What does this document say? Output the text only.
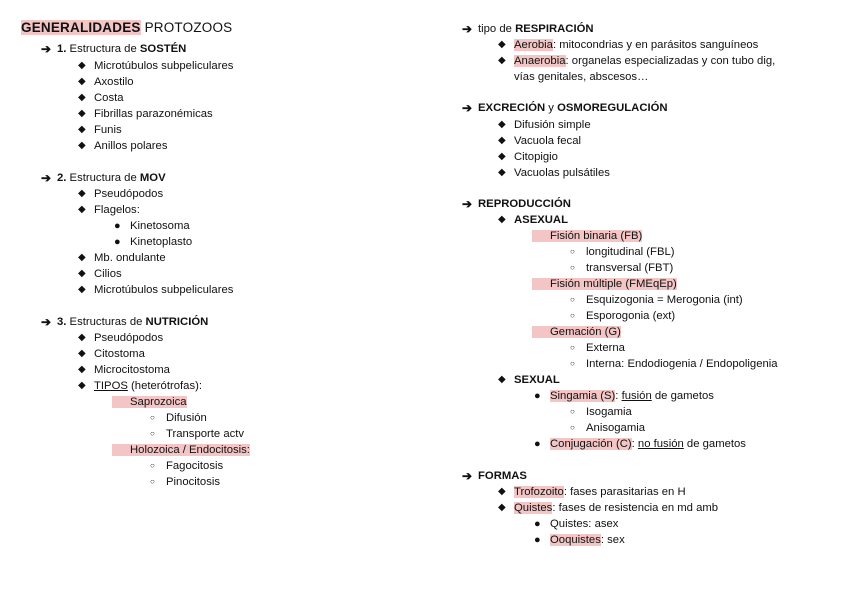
GENERALIDADES PROTOZOOS
➔ 1. Estructura de SOSTÉN
◆ Microtúbulos subpeliculares
◆ Axostilo
◆ Costa
◆ Fibrillas parazonémicas
◆ Funis
◆ Anillos polares
➔ 2. Estructura de MOV
◆ Pseudópodos
◆ Flagelos:
● Kinetosoma
● Kinetoplasto
◆ Mb. ondulante
◆ Cilios
◆ Microtúbulos subpeliculares
➔ 3. Estructuras de NUTRICIÓN
◆ Pseudópodos
◆ Citostoma
◆ Microcitostoma
◆ TIPOS (heterótrofas):
Saprozoica
○ Difusión
○ Transporte actv
Holozoica / Endocitosis:
○ Fagocitosis
○ Pinocitosis
➔ tipo de RESPIRACIÓN
◆ Aerobia: mitocondrias y en parásitos sanguíneos
◆ Anaerobia: organelas especializadas y con tubo dig,
vías genitales, abscesos…
➔ EXCRECIÓN y OSMOREGULACIÓN
◆ Difusión simple
◆ Vacuola fecal
◆ Citopigio
◆ Vacuolas pulsátiles
➔ REPRODUCCIÓN
◆ ASEXUAL
Fisión binaria (FB)
○ longitudinal (FBL)
○ transversal (FBT)
Fisión múltiple (FMEqEp)
○ Esquizogonia = Merogonia (int)
○ Esporogonia (ext)
Gemación (G)
○ Externa
○ Interna: Endodiogenia / Endopoligenia
◆ SEXUAL
● Singamia (S): fusión de gametos
○ Isogamia
○ Anisogamia
● Conjugación (C): no fusión de gametos
➔ FORMAS
◆ Trofozoito: fases parasitarias en H
◆ Quistes: fases de resistencia en md amb
● Quistes: asex
● Ooquistes: sex
